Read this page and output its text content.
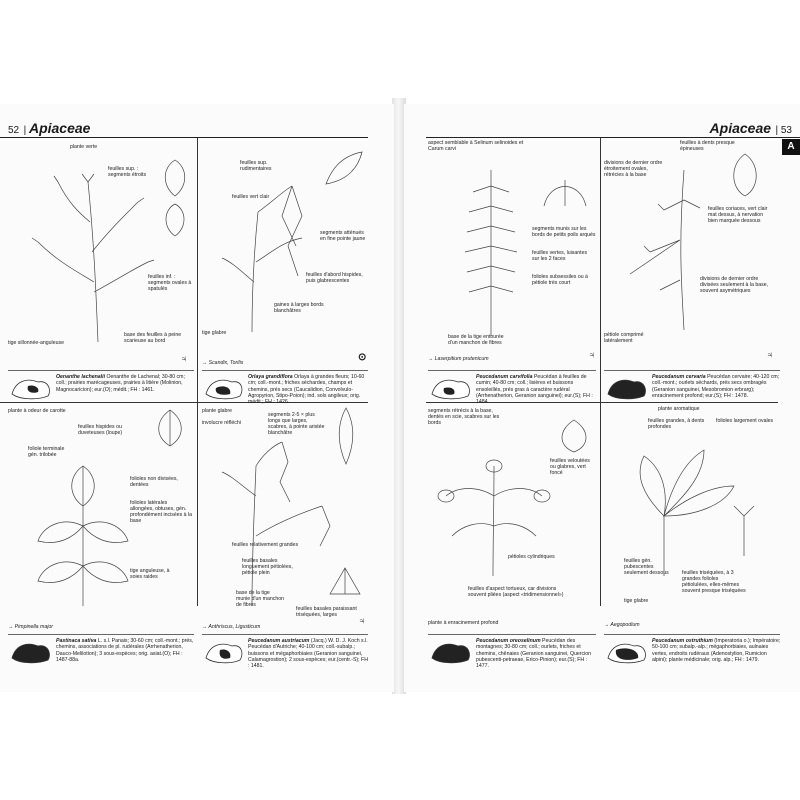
52 | Apiaceae
plante verte
feuilles sup. : segments étroits
feuilles inf. : segments ovales à spatulés
tige sillonnée-anguleuse
base des feuilles à peine scarieuse au bord
♃
Oenanthe lachenalii Oenanthe de Lachenal; 30-80 cm; coll.; prairies marécageuses, prairies à litière (Molinion, Magnocaricion); eur.(O); médit.; FH : 1461.
feuilles sup. rudimentaires
feuilles vert clair
segments atténués en fine pointe jaune
feuilles d'abord hispides, puis glabrescentes
gaines à larges bords blanchâtres
tige glabre
→ Scandix, Torilis	⊙
Orlaya grandiflora Orlaya à grandes fleurs; 10-60 cm; coll.-mont.; friches séchardes, champs et chemins, prés secs (Caucalidion, Convolvulo-Agropyrion, Stipo-Poion); ind. sols angileux; orig. médit.; FH : 1426.
plante à odeur de carotte
feuilles hispides ou duveteuses (loupe)
foliole terminale gén. trilobée
folioles non divisées, dentées
folioles latérales allongées, obtuses, gén. profondément incisées à la base
tige anguleuse, à soies raides
→ Pimpinella major
Pastinaca sativa L. s.l. Panais; 30-60 cm; coll.-mont.; prés, chemins, associations de pl. rudérales (Arrhenatherion, Dauco-Melilotion); 3 sous-espèces; orig. asiat.(O); FH : 1487-88a.
plante glabre
involucre réfléchi
segments 2-5 × plus longs que larges, scabres, à pointe aristée blanchâtre
feuilles relativement grandes
feuilles basales longuement pétiolées, pétiole plein
base de la tige munie d'un manchon de fibres
feuilles basales paraissant triséquées, larges
→ Anthriscus, Ligusticum	♃
Peucedanum austriacum (Jacq.) W. D. J. Koch s.l. Peucédan d'Autriche; 40-100 cm; coll.-subalp.; buissons et mégaphorbiaies (Geranion sanguinei, Calamagrostion); 2 sous-espèces; eur.(centr.-S); FH : 1481.
Apiaceae | 53
A
aspect semblable à Selinum selinoides et Carum carvi
segments munis sur les bords de petits poils arqués
feuilles vertes, luisantes sur les 2 faces
folioles subsessiles ou à pétiole très court
base de la tige entourée d'un manchon de fibres
→ Laserpitium prutenicum	♃
Peucedanum carvifolia Peucédan à feuilles de cumin; 40-80 cm; coll.; lisières et buissons ensoleillés, prés gras à caractère rudéral (Arrhenatherion, Geranion sanguinei); eur.(S); FH : 1484.
feuilles à dents presque épineuses
divisions de dernier ordre étroitement ovales, rétrécies à la base
feuilles coriaces, vert clair mat dessus, à nervation bien marquée dessous
divisions de dernier ordre divisées seulement à la base, souvent asymétriques
pétiole comprimé latéralement
♃
Peucedanum cervaria Peucédan cervaire; 40-120 cm; coll.-mont.; ourlets séchards, prés secs ombragés (Geranion sanguinei, Mesobromion erbrarg); enracinement profond; eur.(S); FH : 1478.
segments rétrécis à la base, dentés en scie, scabres sur les bords
feuilles veloutées ou glabres, vert foncé
pétioles cylindriques
feuilles d'aspect tortueux, car divisions souvent pliées (aspect «tridimensionnel»)
plante à enracinement profond
Peucedanum oreoselinum Peucédan des montagnes; 30-80 cm; coll.; ourlets, friches et chemins, chênaies (Geranion sanguinei, Quercion pubescenti-petraeae, Erico-Pinion); eur.(S); FH : 1477.
plante aromatique
feuilles grandes, à dents profondes
folioles largement ovales
feuilles gén. pubescentes seulement dessous	feuilles triséquées, à 3 grandes folioles pétiolulées, elles-mêmes souvent presque triséquées
tige glabre
→ Aegopodium
Peucedanum ostruthium (Imperatoria o.); Impératoire; 50-100 cm; subalp.-alp.; mégaphorbiaies, aulnaies vertes, endroits rudéraux (Adenostylion, Rumicion alpini); plante médicinale; orig. alp.; FH : 1479.
